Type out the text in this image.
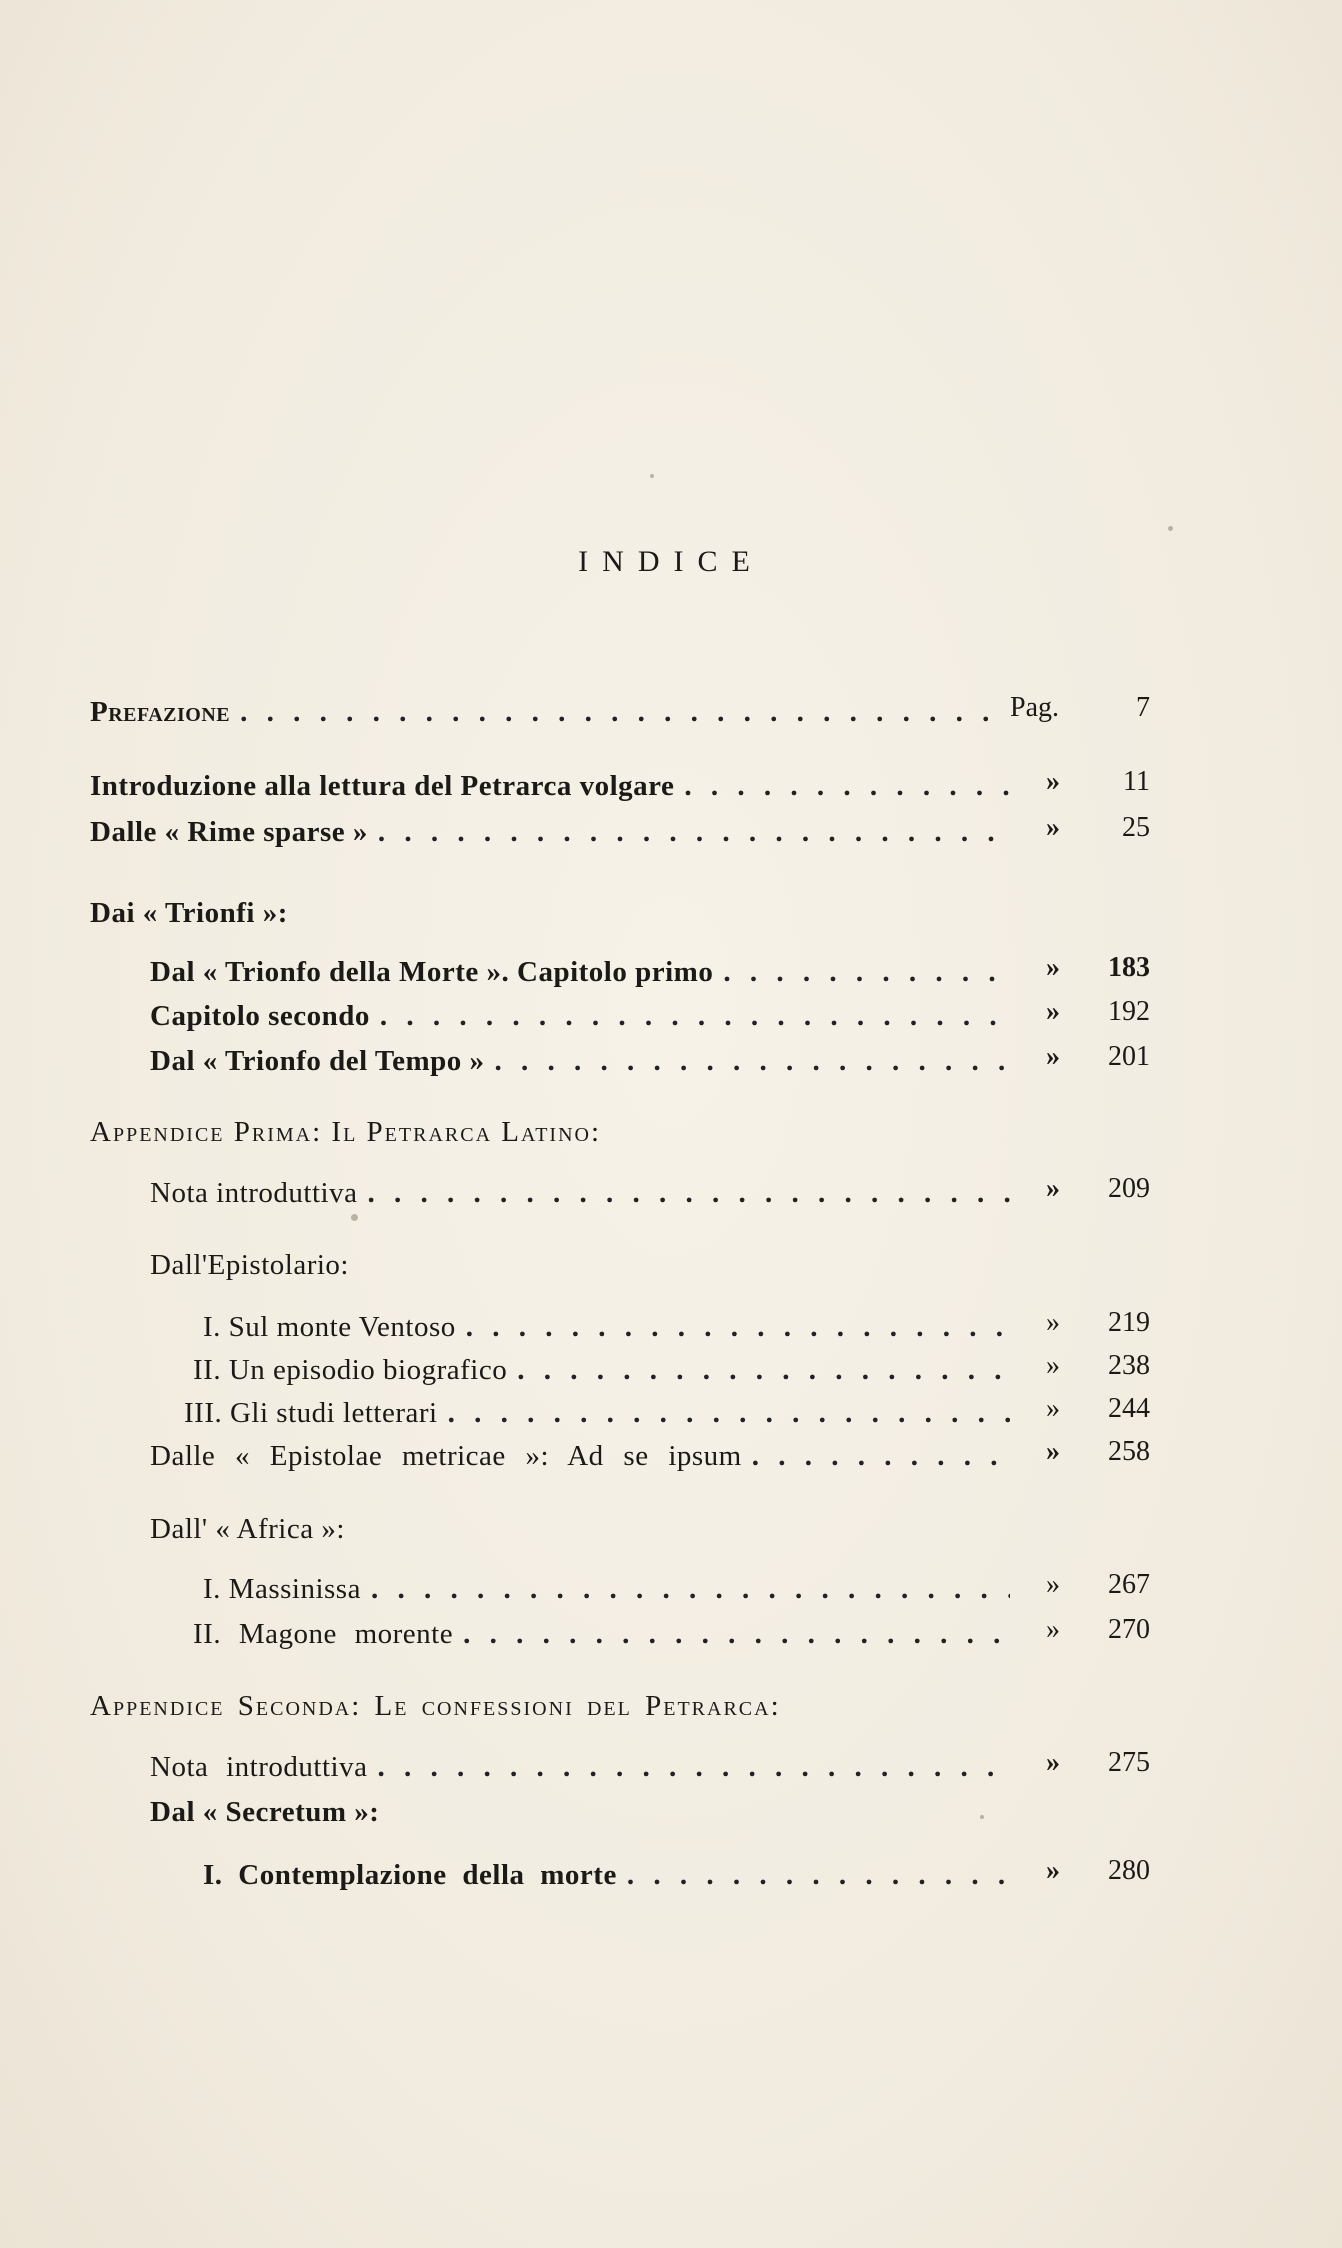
INDICE
Prefazione . . .	Pag.	7
Introduzione alla lettura del Petrarca volgare . . .	»	11
Dalle « Rime sparse » . . .	»	25
Dai « Trionfi »:
Dal « Trionfo della Morte ». Capitolo primo . . .	»	183
Capitolo secondo . . .	»	192
Dal « Trionfo del Tempo » . . .	»	201
Appendice Prima: Il Petrarca Latino:
Nota introduttiva . . .	»	209
Dall'Epistolario:
I. Sul monte Ventoso . . .	»	219
II. Un episodio biografico . . .	»	238
III. Gli studi letterari . . .	»	244
Dalle « Epistolae metricae »: Ad se ipsum . . .	»	258
Dall' « Africa »:
I. Massinissa . . .	»	267
II. Magone morente . . .	»	270
Appendice Seconda: Le confessioni del Petrarca:
Nota introduttiva . . .	»	275
Dal « Secretum »:
I. Contemplazione della morte . . .	»	280
